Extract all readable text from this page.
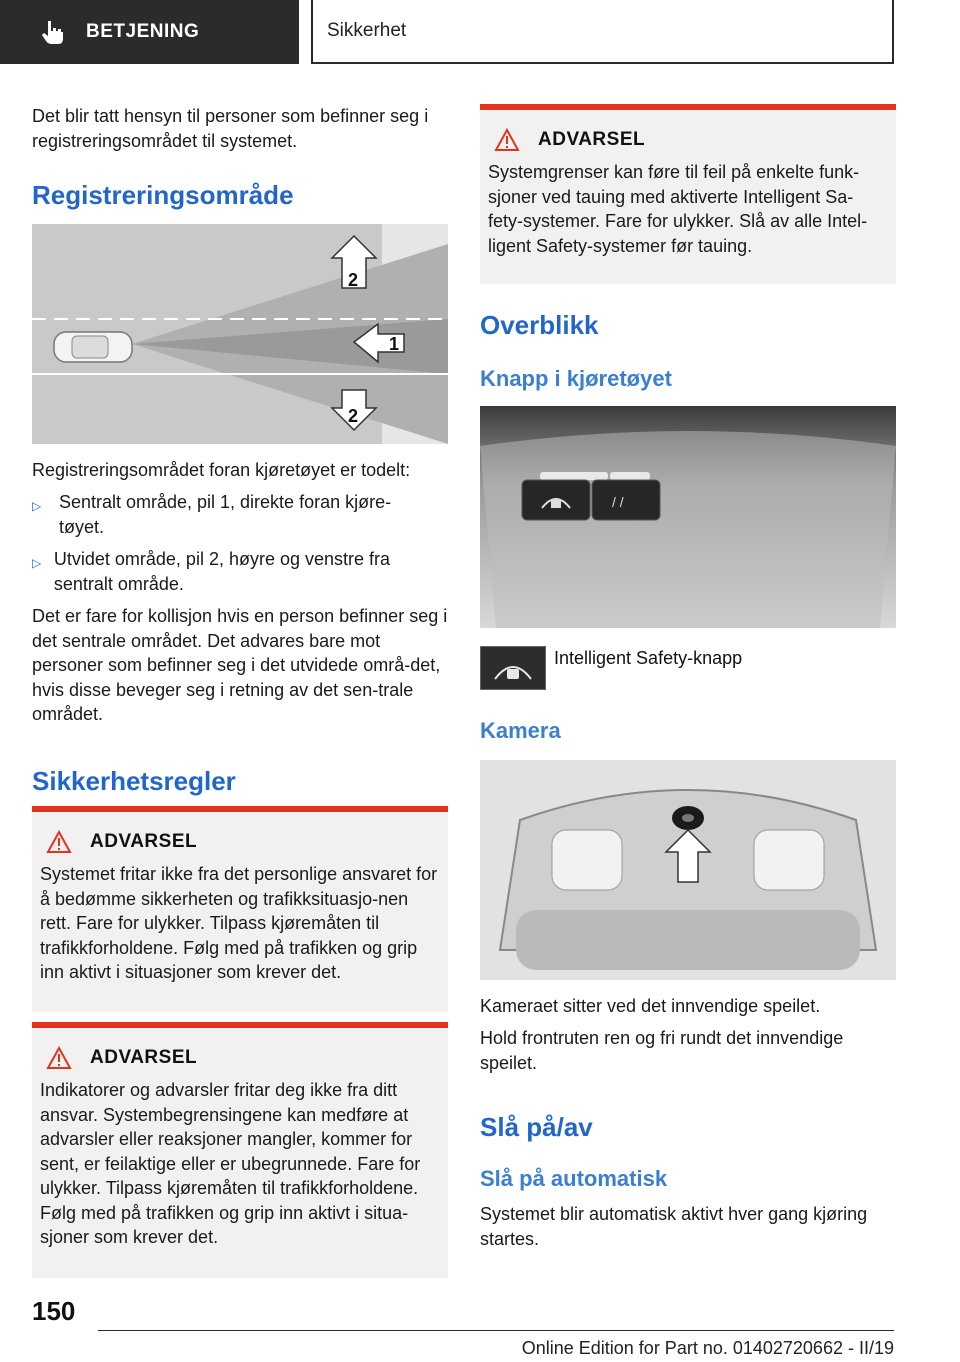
BETJENING	Sikkerhet

Det blir tatt hensyn til personer som befinner seg i registreringsområdet til systemet.

Registreringsområde
1
2
2

Registreringsområdet foran kjøretøyet er todelt:

▷ Sentralt område, pil 1, direkte foran kjøre-tøyet.
▷ Utvidet område, pil 2, høyre og venstre fra sentralt område.

Det er fare for kollisjon hvis en person befinner seg i det sentrale området. Det advares bare mot personer som befinner seg i det utvidede områ-det, hvis disse beveger seg i retning av det sen-trale området.

Sikkerhetsregler
ADVARSEL
Systemet fritar ikke fra det personlige ansvaret for å bedømme sikkerheten og trafikksituasjo-nen rett. Fare for ulykker. Tilpass kjøremåten til trafikkforholdene. Følg med på trafikken og grip inn aktivt i situasjoner som krever det.
ADVARSEL
Indikatorer og advarsler fritar deg ikke fra ditt ansvar. Systembegrensingene kan medføre at advarsler eller reaksjoner mangler, kommer for sent, er feilaktige eller er ubegrunnede. Fare for ulykker. Tilpass kjøremåten til trafikkforholdene. Følg med på trafikken og grip inn aktivt i situa-sjoner som krever det.
ADVARSEL
Systemgrenser kan føre til feil på enkelte funk-sjoner ved tauing med aktiverte Intelligent Sa-fety-systemer. Fare for ulykker. Slå av alle Intel-ligent Safety-systemer før tauing.
Overblikk
Knapp i kjøretøyet
/ /
Intelligent Safety-knapp
Kamera

Kameraet sitter ved det innvendige speilet.

Hold frontruten ren og fri rundt det innvendige speilet.

Slå på/av
Slå på automatisk

Systemet blir automatisk aktivt hver gang kjøring startes.

150
Online Edition for Part no. 01402720662 - II/19
